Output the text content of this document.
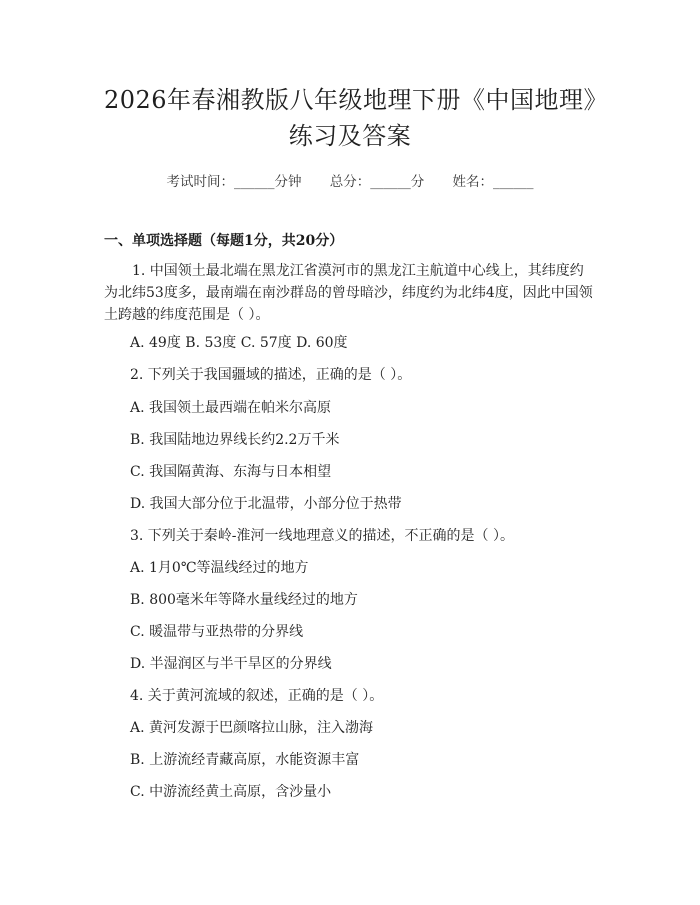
2026年春湘教版八年级地理下册《中国地理》练习及答案
考试时间：______分钟 总分：______分 姓名：______
一、单项选择题（每题1分，共20分）
1. 中国领土最北端在黑龙江省漠河市的黑龙江主航道中心线上，其纬度约为北纬53度多，最南端在南沙群岛的曾母暗沙，纬度约为北纬4度，因此中国领土跨越的纬度范围是（ ）。
A. 49度 B. 53度 C. 57度 D. 60度
2. 下列关于我国疆域的描述，正确的是（ ）。
A. 我国领土最西端在帕米尔高原
B. 我国陆地边界线长约2.2万千米
C. 我国隔黄海、东海与日本相望
D. 我国大部分位于北温带，小部分位于热带
3. 下列关于秦岭-淮河一线地理意义的描述，不正确的是（ ）。
A. 1月0℃等温线经过的地方
B. 800毫米年等降水量线经过的地方
C. 暖温带与亚热带的分界线
D. 半湿润区与半干旱区的分界线
4. 关于黄河流域的叙述，正确的是（ ）。
A. 黄河发源于巴颜喀拉山脉，注入渤海
B. 上游流经青藏高原，水能资源丰富
C. 中游流经黄土高原，含沙量小
